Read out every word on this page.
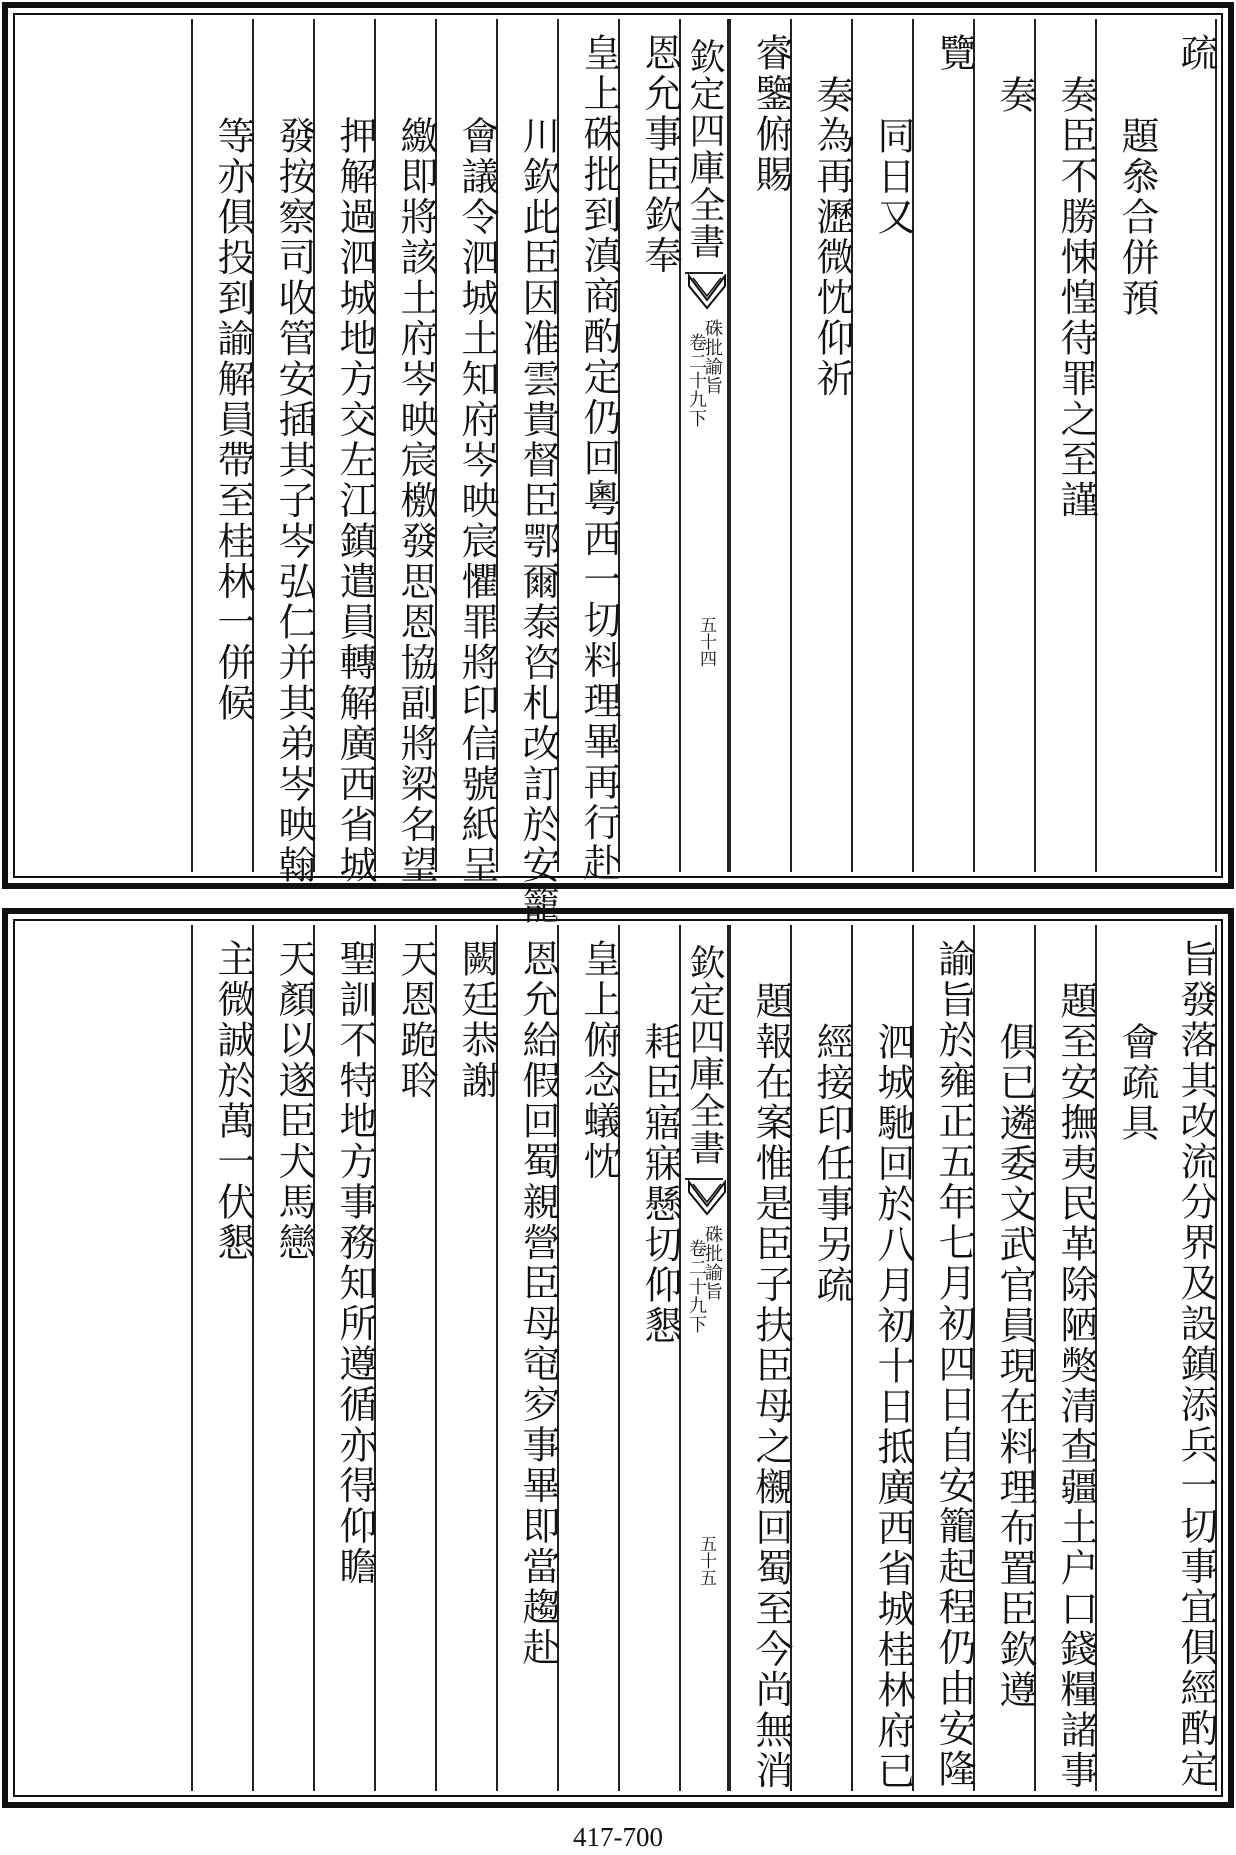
疏
題叅合併預
奏臣不勝悚惶待罪之至謹
奏
覽
同日又
奏為再瀝微忱仰祈
睿鑒俯賜
欽定四庫全書
硃批諭旨
卷二十九下
五十四
恩允事臣欽奉
皇上硃批到滇商酌定仍回粵西一切料理畢再行赴
川欽此臣因准雲貴督臣鄂爾泰咨札改訂於安籠
會議令泗城土知府岑映宸懼罪將印信號紙呈
繳即將該土府岑映宸檄發思恩協副將梁名望
押解過泗城地方交左江鎮遣員轉解廣西省城
發按察司收管安插其子岑弘仁并其弟岑映翰
等亦俱投到諭解員帶至桂林一併候
旨發落其改流分界及設鎮添兵一切事宜俱經酌定
會疏具
題至安撫夷民革除陋獘清查疆土户口錢糧諸事
俱已遴委文武官員現在料理布置臣欽遵
諭旨於雍正五年七月初四日自安籠起程仍由安隆
泗城馳回於八月初十日抵廣西省城桂林府已
經接印任事另疏
題報在案惟是臣子扶臣母之櫬回蜀至今尚無消
欽定四庫全書
硃批諭旨
卷二十九下
五十五
耗臣寤寐懸切仰懇
皇上俯念蟻忱
恩允給假回蜀親營臣母窀穸事畢即當趨赴
闕廷恭謝
天恩跪聆
聖訓不特地方事務知所遵循亦得仰瞻
天顏以遂臣犬馬戀
主微誠於萬一伏懇
417-700
